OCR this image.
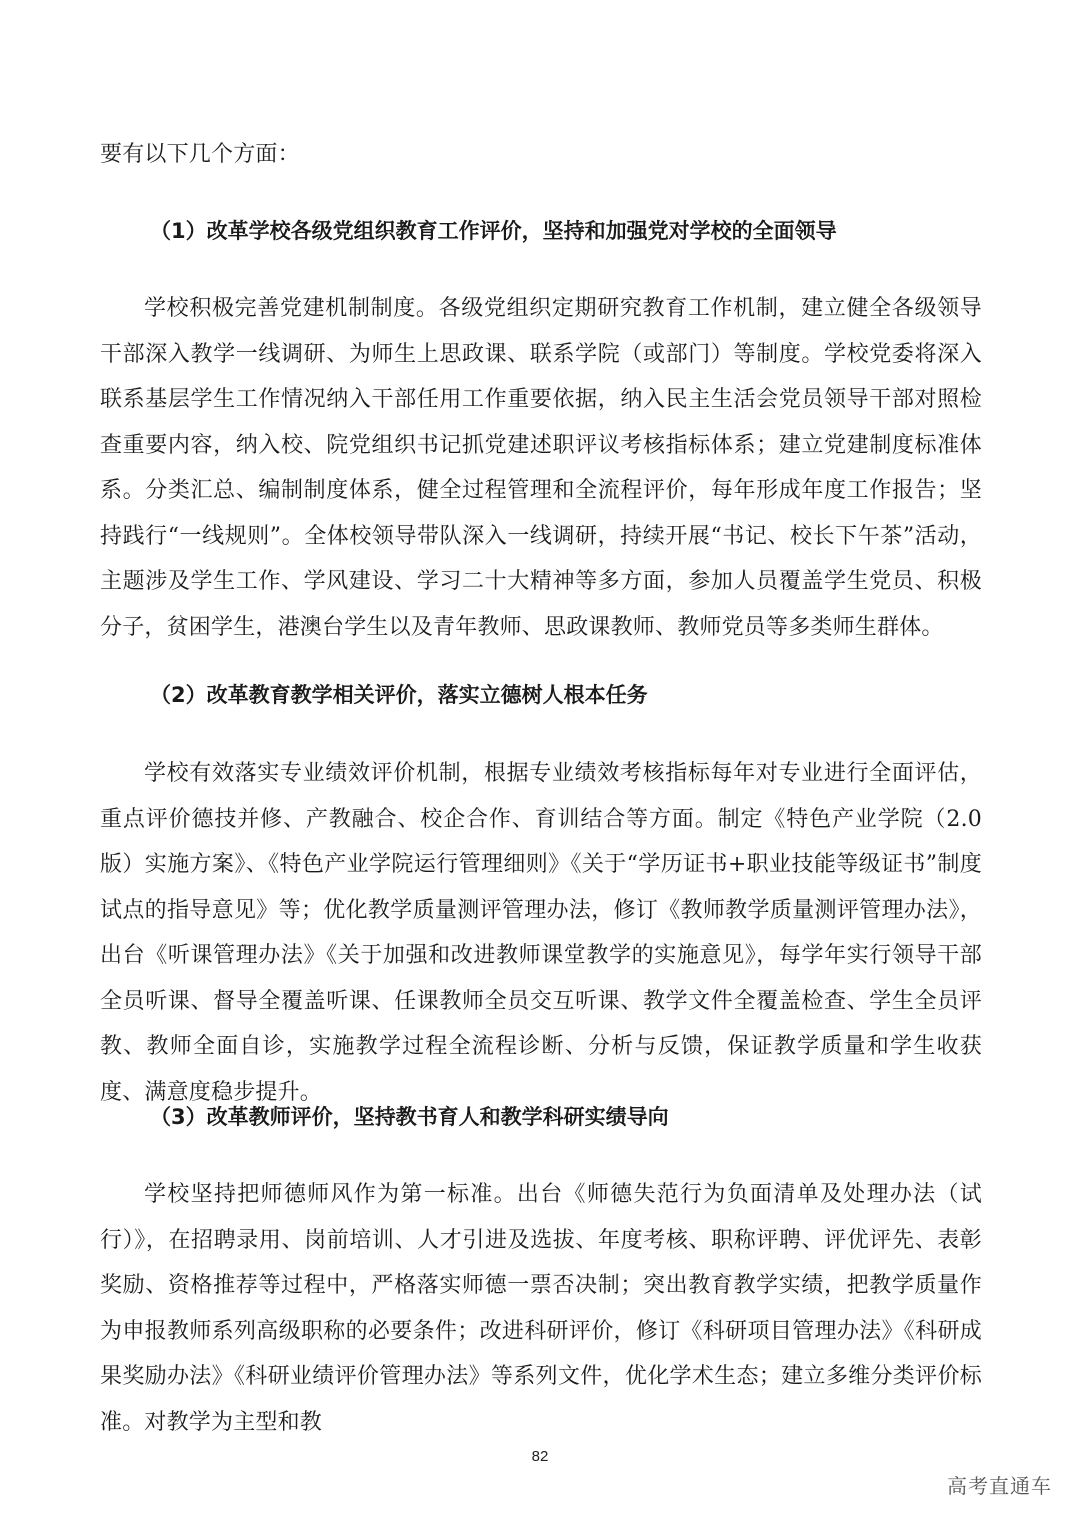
要有以下几个方面：
（1）改革学校各级党组织教育工作评价，坚持和加强党对学校的全面领导
学校积极完善党建机制制度。各级党组织定期研究教育工作机制，建立健全各级领导干部深入教学一线调研、为师生上思政课、联系学院（或部门）等制度。学校党委将深入联系基层学生工作情况纳入干部任用工作重要依据，纳入民主生活会党员领导干部对照检查重要内容，纳入校、院党组织书记抓党建述职评议考核指标体系；建立党建制度标准体系。分类汇总、编制制度体系，健全过程管理和全流程评价，每年形成年度工作报告；坚持践行“一线规则”。全体校领导带队深入一线调研，持续开展“书记、校长下午茶”活动，主题涉及学生工作、学风建设、学习二十大精神等多方面，参加人员覆盖学生党员、积极分子，贫困学生，港澳台学生以及青年教师、思政课教师、教师党员等多类师生群体。
（2）改革教育教学相关评价，落实立德树人根本任务
学校有效落实专业绩效评价机制，根据专业绩效考核指标每年对专业进行全面评估，重点评价德技并修、产教融合、校企合作、育训结合等方面。制定《特色产业学院（2.0 版）实施方案》、《特色产业学院运行管理细则》《关于“学历证书+职业技能等级证书”制度试点的指导意见》等；优化教学质量测评管理办法，修订《教师教学质量测评管理办法》，出台《听课管理办法》《关于加强和改进教师课堂教学的实施意见》，每学年实行领导干部全员听课、督导全覆盖听课、任课教师全员交互听课、教学文件全覆盖检查、学生全员评教、教师全面自诊，实施教学过程全流程诊断、分析与反馈，保证教学质量和学生收获度、满意度稳步提升。
（3）改革教师评价，坚持教书育人和教学科研实绩导向
学校坚持把师德师风作为第一标准。出台《师德失范行为负面清单及处理办法（试行）》，在招聘录用、岗前培训、人才引进及选拔、年度考核、职称评聘、评优评先、表彰奖励、资格推荐等过程中，严格落实师德一票否决制；突出教育教学实绩，把教学质量作为申报教师系列高级职称的必要条件；改进科研评价，修订《科研项目管理办法》《科研成果奖励办法》《科研业绩评价管理办法》等系列文件，优化学术生态；建立多维分类评价标准。对教学为主型和教
82
高考直通车
